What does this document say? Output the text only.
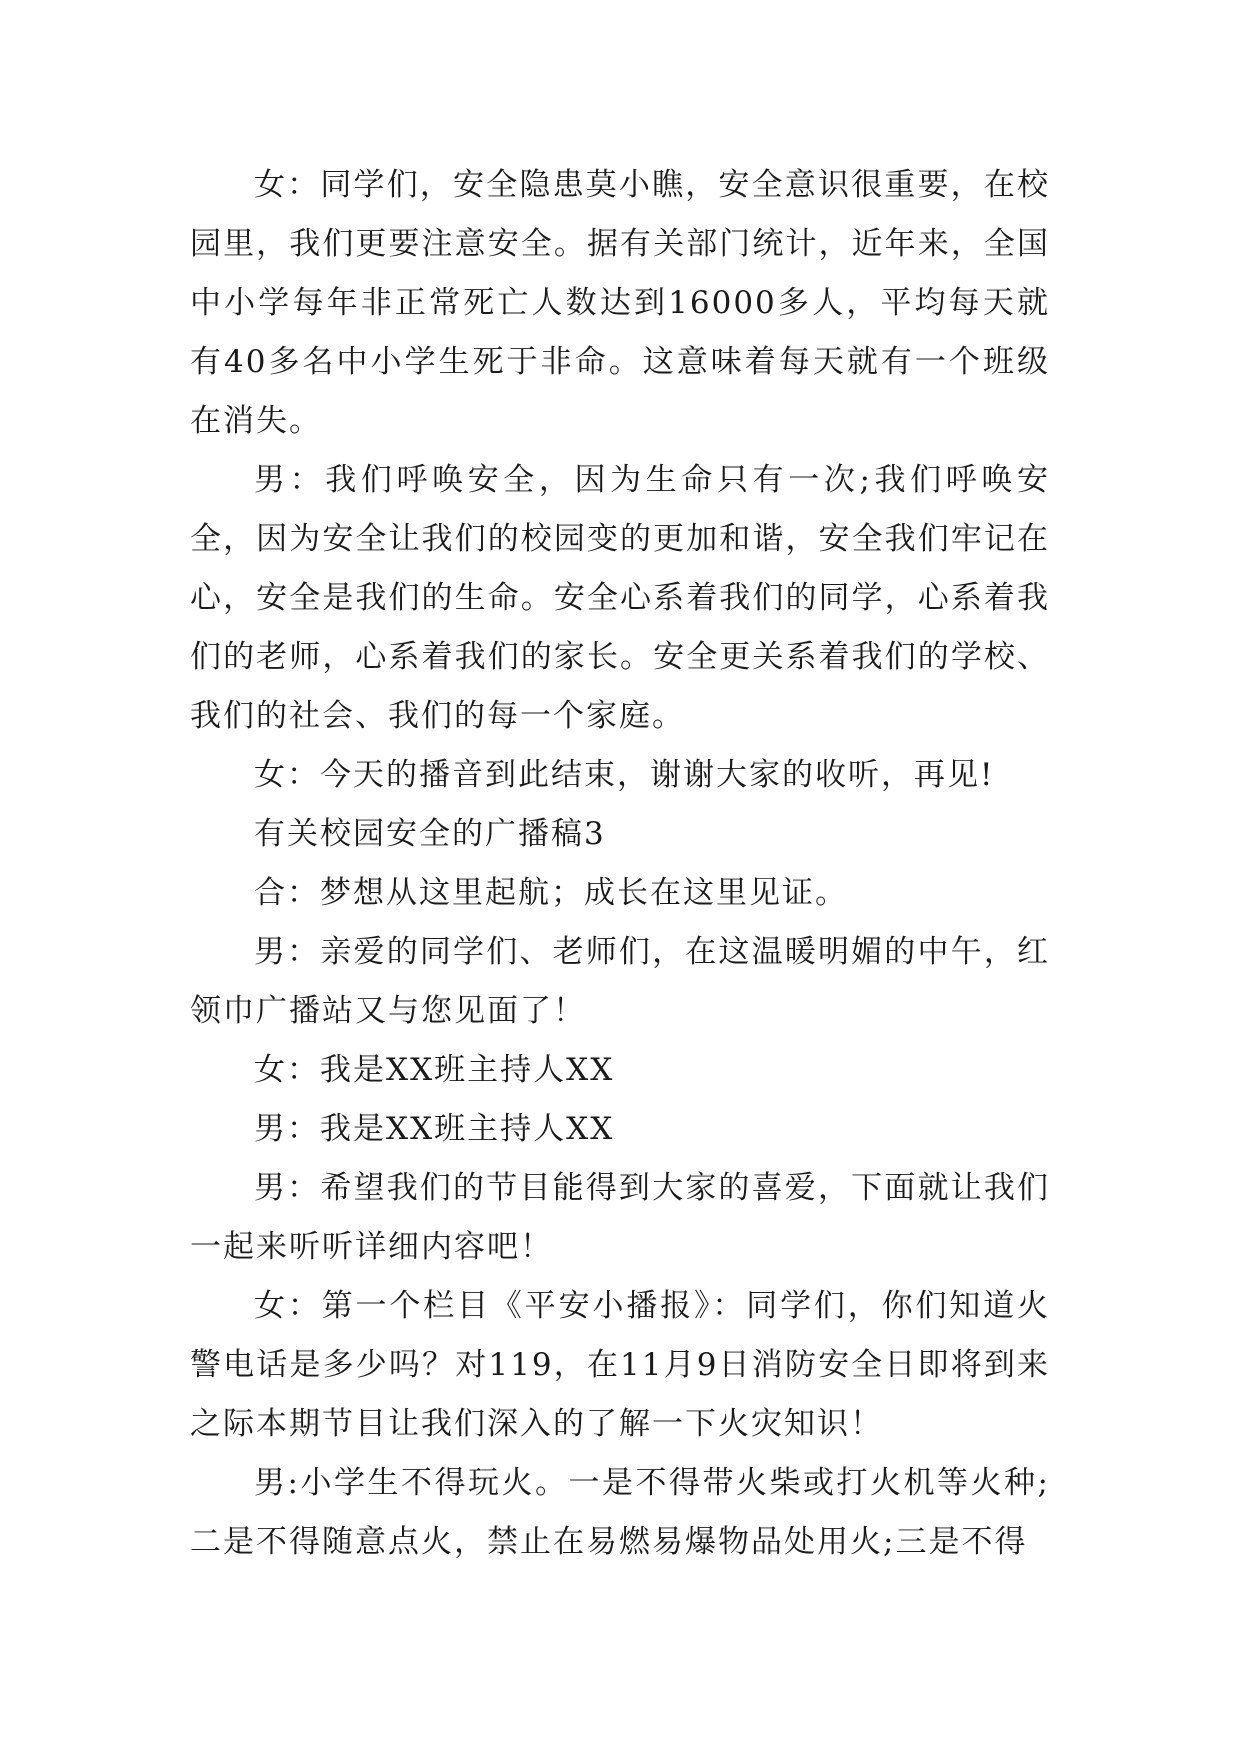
女：同学们，安全隐患莫小瞧，安全意识很重要，在校园里，我们更要注意安全。据有关部门统计，近年来，全国中小学每年非正常死亡人数达到16000多人，平均每天就有40多名中小学生死于非命。这意味着每天就有一个班级在消失。

男：我们呼唤安全，因为生命只有一次;我们呼唤安全，因为安全让我们的校园变的更加和谐，安全我们牢记在心，安全是我们的生命。安全心系着我们的同学，心系着我们的老师，心系着我们的家长。安全更关系着我们的学校、我们的社会、我们的每一个家庭。

女：今天的播音到此结束，谢谢大家的收听，再见!

有关校园安全的广播稿3

合：梦想从这里起航；成长在这里见证。

男：亲爱的同学们、老师们，在这温暖明媚的中午，红领巾广播站又与您见面了！

女：我是XX班主持人XX

男：我是XX班主持人XX

男：希望我们的节目能得到大家的喜爱，下面就让我们一起来听听详细内容吧！

女：第一个栏目《平安小播报》：同学们，你们知道火警电话是多少吗？对119，在11月9日消防安全日即将到来之际本期节目让我们深入的了解一下火灾知识！

男:小学生不得玩火。一是不得带火柴或打火机等火种;二是不得随意点火，禁止在易燃易爆物品处用火;三是不得
